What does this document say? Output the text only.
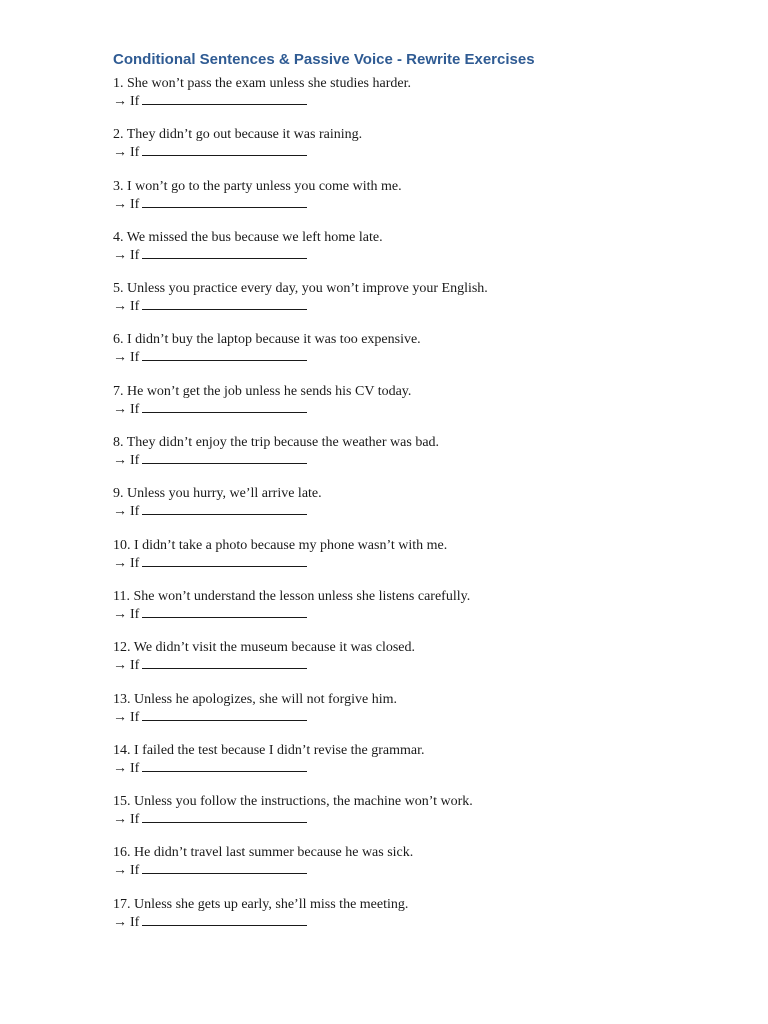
Conditional Sentences & Passive Voice - Rewrite Exercises
1. She won’t pass the exam unless she studies harder.
→ If
2. They didn’t go out because it was raining.
→ If
3. I won’t go to the party unless you come with me.
→ If
4. We missed the bus because we left home late.
→ If
5. Unless you practice every day, you won’t improve your English.
→ If
6. I didn’t buy the laptop because it was too expensive.
→ If
7. He won’t get the job unless he sends his CV today.
→ If
8. They didn’t enjoy the trip because the weather was bad.
→ If
9. Unless you hurry, we’ll arrive late.
→ If
10. I didn’t take a photo because my phone wasn’t with me.
→ If
11. She won’t understand the lesson unless she listens carefully.
→ If
12. We didn’t visit the museum because it was closed.
→ If
13. Unless he apologizes, she will not forgive him.
→ If
14. I failed the test because I didn’t revise the grammar.
→ If
15. Unless you follow the instructions, the machine won’t work.
→ If
16. He didn’t travel last summer because he was sick.
→ If
17. Unless she gets up early, she’ll miss the meeting.
→ If
